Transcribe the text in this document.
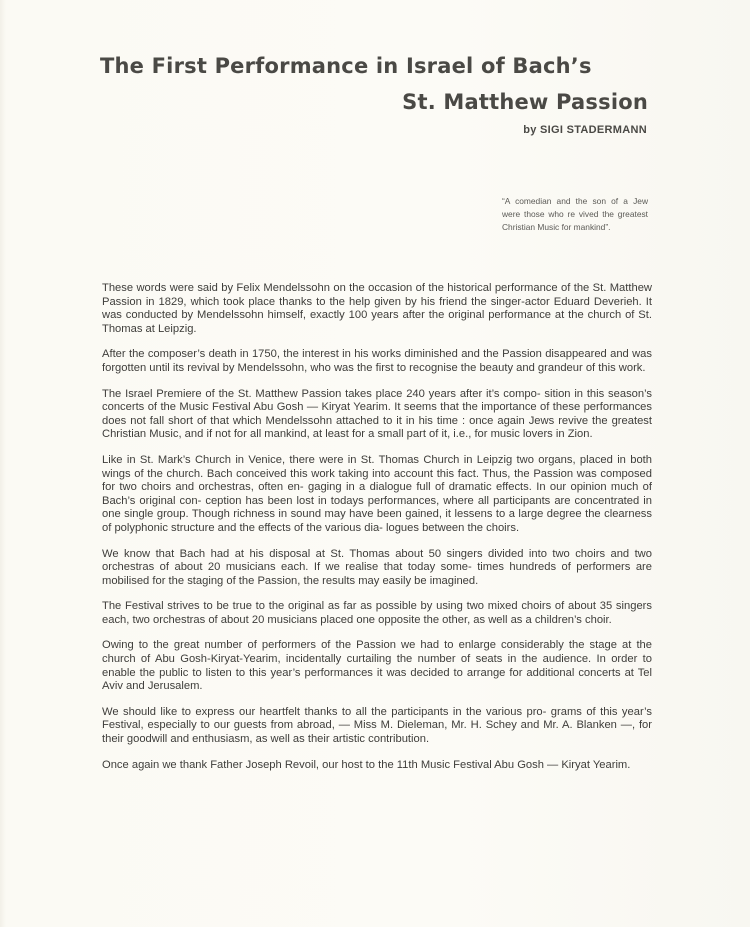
The First Performance in Israel of Bach’s
St. Matthew Passion

by SIGI STADERMANN

“A comedian and the son of a Jew were those who re vived the greatest Christian Music for mankind”.

These words were said by Felix Mendelssohn on the occasion of the historical performance of the St. Matthew Passion in 1829, which took place thanks to the help given by his friend the singer-actor Eduard Deverieh. It was conducted by Mendelssohn himself, exactly 100 years after the original performance at the church of St. Thomas at Leipzig.

After the composer’s death in 1750, the interest in his works diminished and the Passion disappeared and was forgotten until its revival by Mendelssohn, who was the first to recognise the beauty and grandeur of this work.

The Israel Premiere of the St. Matthew Passion takes place 240 years after it’s compo- sition in this season’s concerts of the Music Festival Abu Gosh — Kiryat Yearim. It seems that the importance of these performances does not fall short of that which Mendelssohn attached to it in his time : once again Jews revive the greatest Christian Music, and if not for all mankind, at least for a small part of it, i.e., for music lovers in Zion.

Like in St. Mark’s Church in Venice, there were in St. Thomas Church in Leipzig two organs, placed in both wings of the church. Bach conceived this work taking into account this fact. Thus, the Passion was composed for two choirs and orchestras, often en- gaging in a dialogue full of dramatic effects. In our opinion much of Bach’s original con- ception has been lost in todays performances, where all participants are concentrated in one single group. Though richness in sound may have been gained, it lessens to a large degree the clearness of polyphonic structure and the effects of the various dia- logues between the choirs.

We know that Bach had at his disposal at St. Thomas about 50 singers divided into two choirs and two orchestras of about 20 musicians each. If we realise that today some- times hundreds of performers are mobilised for the staging of the Passion, the results may easily be imagined.

The Festival strives to be true to the original as far as possible by using two mixed choirs of about 35 singers each, two orchestras of about 20 musicians placed one opposite the other, as well as a children’s choir.

Owing to the great number of performers of the Passion we had to enlarge considerably the stage at the church of Abu Gosh-Kiryat-Yearim, incidentally curtailing the number of seats in the audience. In order to enable the public to listen to this year’s performances it was decided to arrange for additional concerts at Tel Aviv and Jerusalem.

We should like to express our heartfelt thanks to all the participants in the various pro- grams of this year’s Festival, especially to our guests from abroad, — Miss M. Dieleman, Mr. H. Schey and Mr. A. Blanken —, for their goodwill and enthusiasm, as well as their artistic contribution.

Once again we thank Father Joseph Revoil, our host to the 11th Music Festival Abu Gosh — Kiryat Yearim.
